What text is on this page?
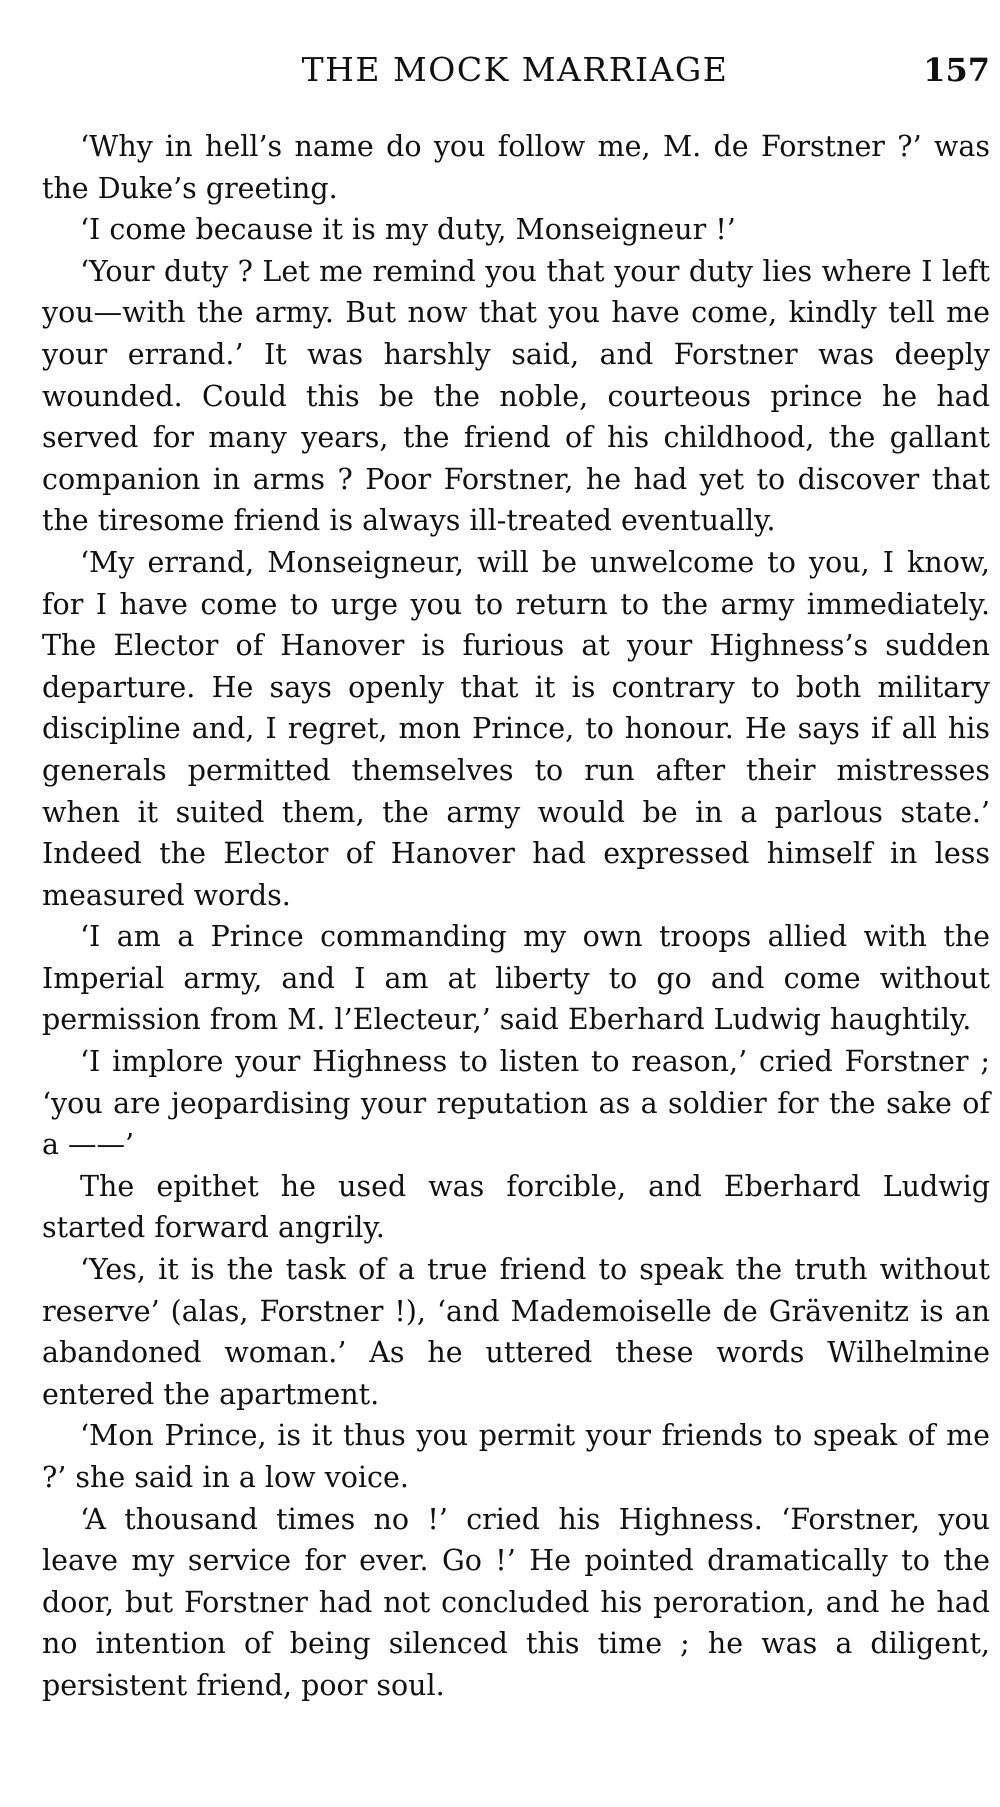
THE MOCK MARRIAGE	157

‘Why in hell’s name do you follow me, M. de Forstner ?’ was the Duke’s greeting.

‘I come because it is my duty, Monseigneur !’

‘Your duty ? Let me remind you that your duty lies where I left you—with the army. But now that you have come, kindly tell me your errand.’ It was harshly said, and Forstner was deeply wounded. Could this be the noble, courteous prince he had served for many years, the friend of his childhood, the gallant companion in arms ? Poor Forstner, he had yet to discover that the tiresome friend is always ill-treated eventually.

‘My errand, Monseigneur, will be unwelcome to you, I know, for I have come to urge you to return to the army immediately. The Elector of Hanover is furious at your Highness’s sudden departure. He says openly that it is contrary to both military discipline and, I regret, mon Prince, to honour. He says if all his generals permitted themselves to run after their mistresses when it suited them, the army would be in a parlous state.’ Indeed the Elector of Hanover had expressed himself in less measured words.

‘I am a Prince commanding my own troops allied with the Imperial army, and I am at liberty to go and come without permission from M. l’Electeur,’ said Eberhard Ludwig haughtily.

‘I implore your Highness to listen to reason,’ cried Forstner ; ‘you are jeopardising your reputation as a soldier for the sake of a ——’

The epithet he used was forcible, and Eberhard Ludwig started forward angrily.

‘Yes, it is the task of a true friend to speak the truth without reserve’ (alas, Forstner !), ‘and Mademoiselle de Grävenitz is an abandoned woman.’ As he uttered these words Wilhelmine entered the apartment.

‘Mon Prince, is it thus you permit your friends to speak of me ?’ she said in a low voice.

‘A thousand times no !’ cried his Highness. ‘Forstner, you leave my service for ever. Go !’ He pointed dramatically to the door, but Forstner had not concluded his peroration, and he had no intention of being silenced this time ; he was a diligent, persistent friend, poor soul.
